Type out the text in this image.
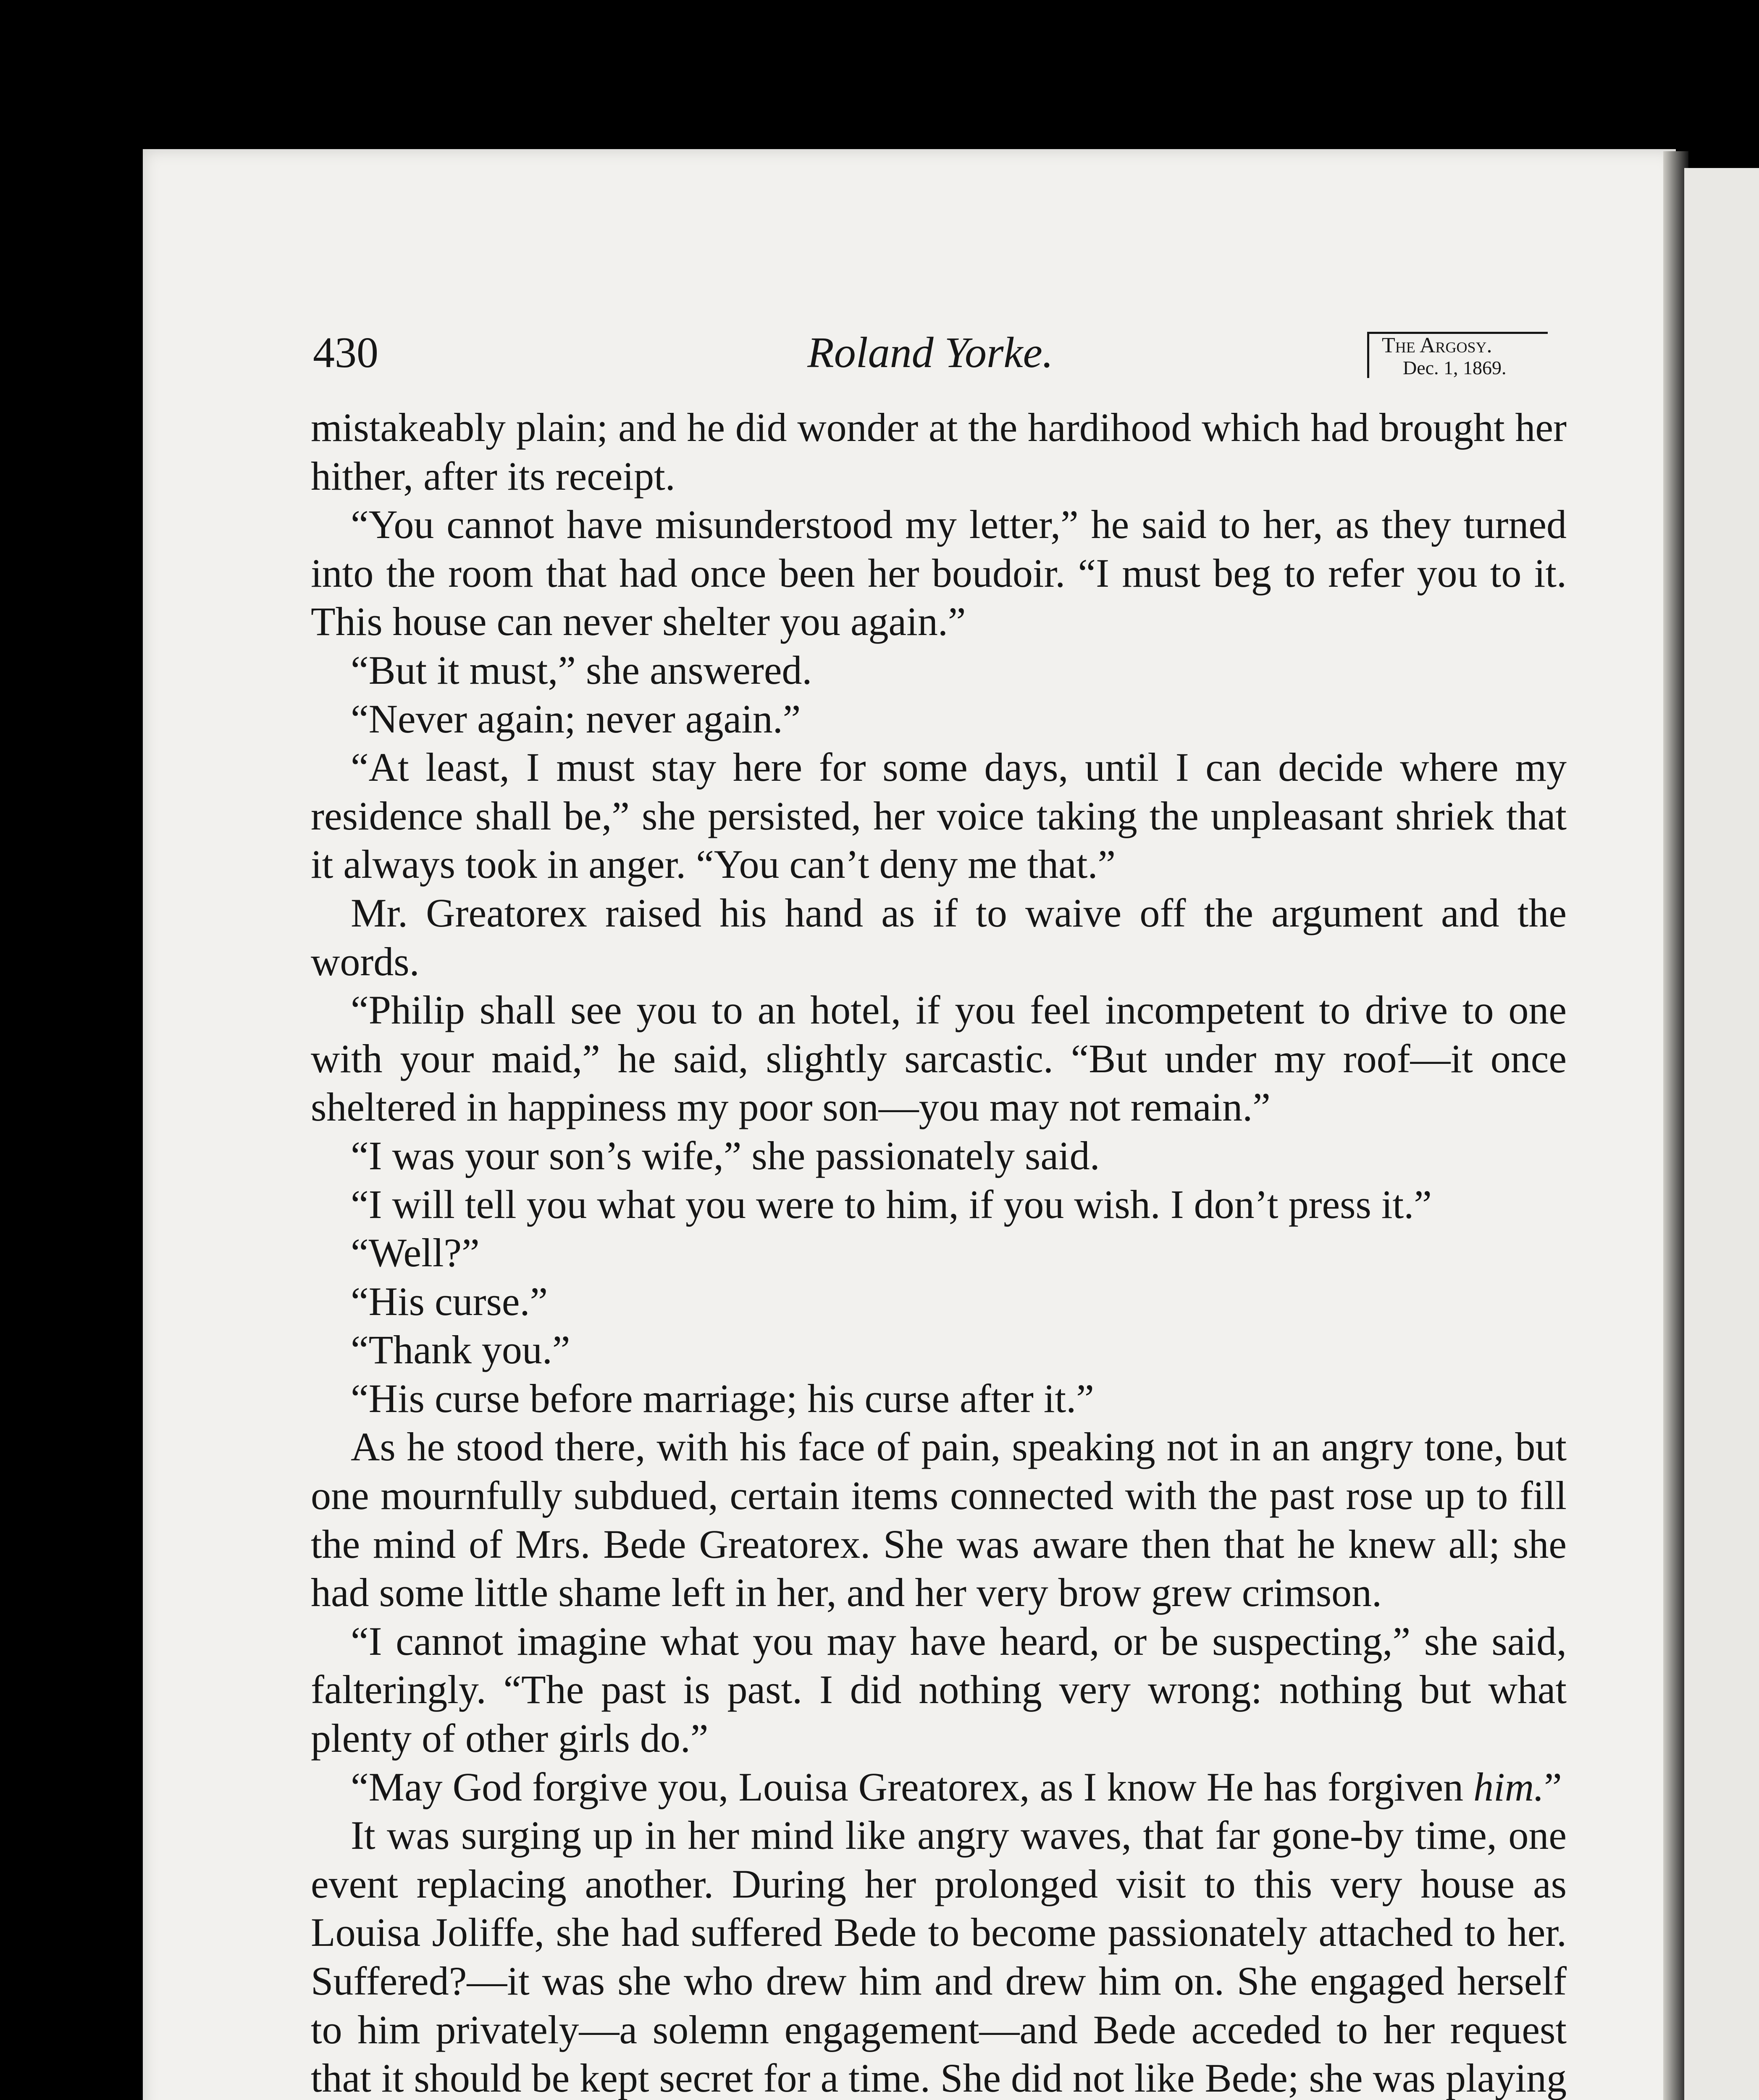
430	Roland Yorke.	The Argosy.
Dec. 1, 1869.

mistakeably plain; and he did wonder at the hardihood which had brought her hither, after its receipt.

“You cannot have misunderstood my letter,” he said to her, as they turned into the room that had once been her boudoir. “I must beg to refer you to it. This house can never shelter you again.”

“But it must,” she answered.

“Never again; never again.”

“At least, I must stay here for some days, until I can decide where my residence shall be,” she persisted, her voice taking the unpleasant shriek that it always took in anger. “You can’t deny me that.”

Mr. Greatorex raised his hand as if to waive off the argument and the words.

“Philip shall see you to an hotel, if you feel incompetent to drive to one with your maid,” he said, slightly sarcastic. “But under my roof—it once sheltered in happiness my poor son—you may not remain.”

“I was your son’s wife,” she passionately said.

“I will tell you what you were to him, if you wish. I don’t press it.”

“Well?”

“His curse.”

“Thank you.”

“His curse before marriage; his curse after it.”

As he stood there, with his face of pain, speaking not in an angry tone, but one mournfully subdued, certain items connected with the past rose up to fill the mind of Mrs. Bede Greatorex. She was aware then that he knew all; she had some little shame left in her, and her very brow grew crimson.

“I cannot imagine what you may have heard, or be suspecting,” she said, falteringly. “The past is past. I did nothing very wrong: nothing but what plenty of other girls do.”

“May God forgive you, Louisa Greatorex, as I know He has forgiven him.”

It was surging up in her mind like angry waves, that far gone-by time, one event replacing another. During her prolonged visit to this very house as Louisa Joliffe, she had suffered Bede to become passionately attached to her. Suffered?—it was she who drew him and drew him on. She engaged herself to him privately—a solemn engagement—and Bede acceded to her request that it should be kept secret for a time. She did not like Bede; she was playing
